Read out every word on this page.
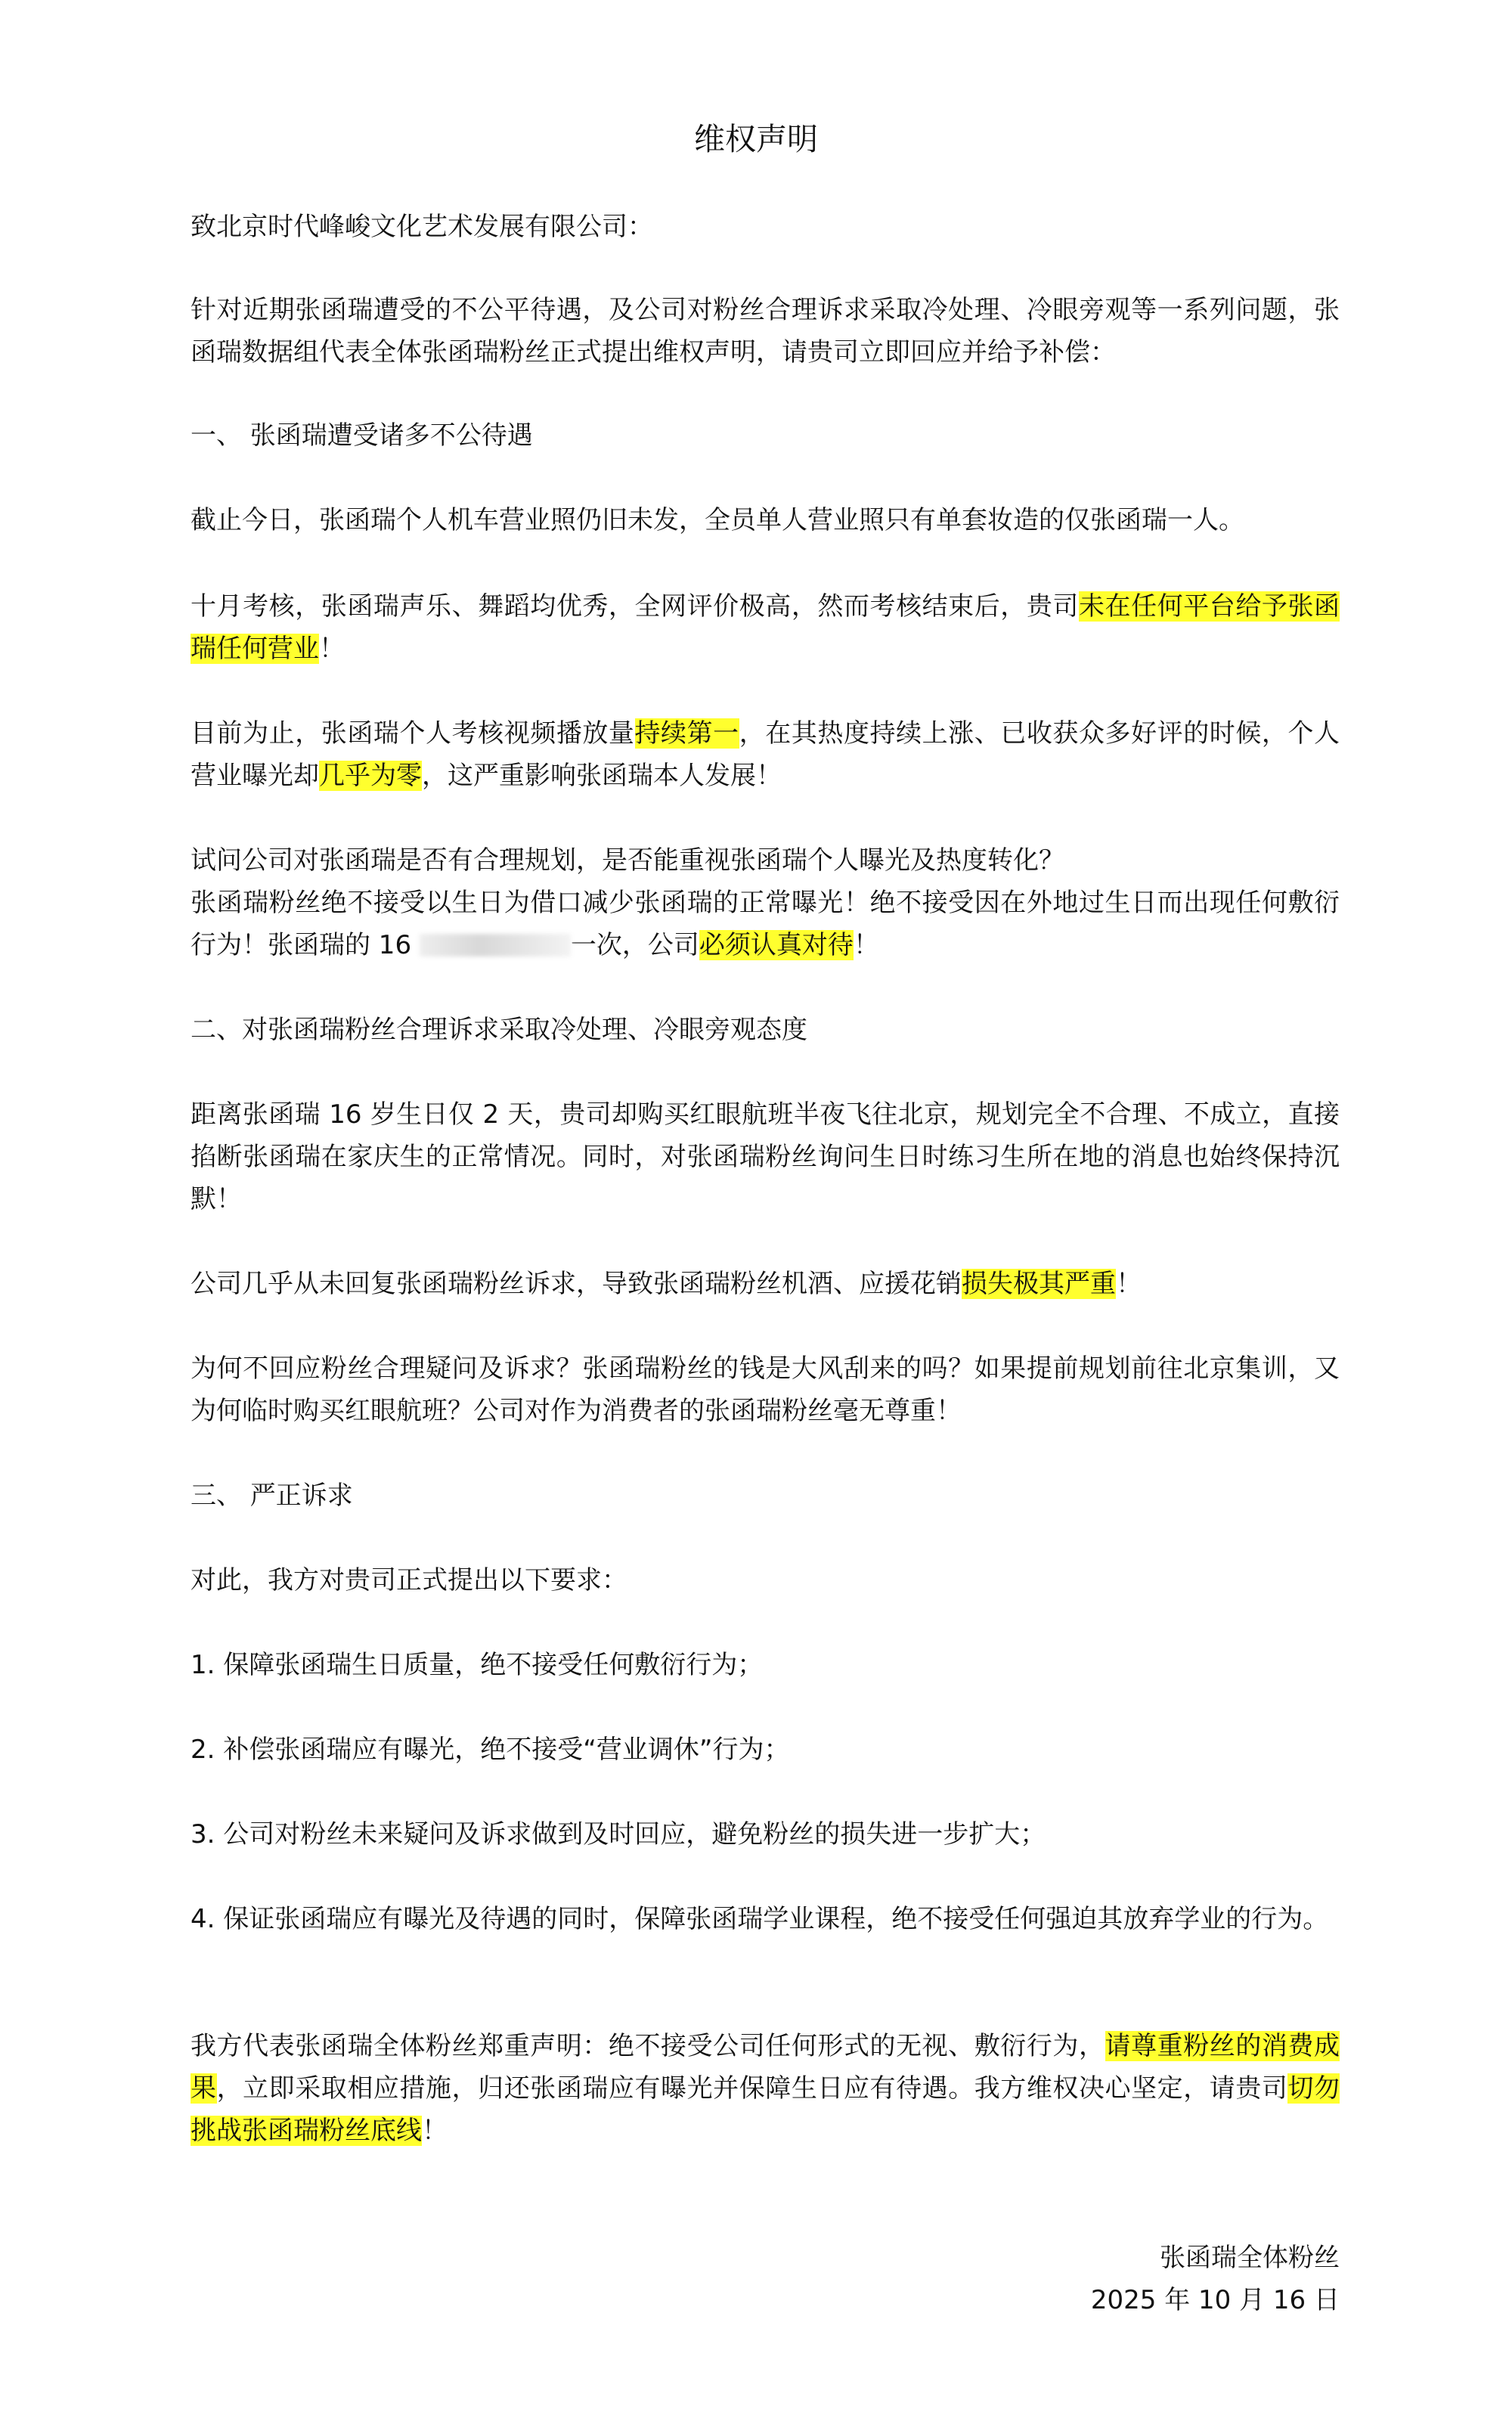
维权声明

致北京时代峰峻文化艺术发展有限公司：

针对近期张函瑞遭受的不公平待遇，及公司对粉丝合理诉求采取冷处理、冷眼旁观等一系列问题，张函瑞数据组代表全体张函瑞粉丝正式提出维权声明，请贵司立即回应并给予补偿：

一、 张函瑞遭受诸多不公待遇

截止今日，张函瑞个人机车营业照仍旧未发，全员单人营业照只有单套妆造的仅张函瑞一人。

十月考核，张函瑞声乐、舞蹈均优秀，全网评价极高，然而考核结束后，贵司未在任何平台给予张函瑞任何营业！

目前为止，张函瑞个人考核视频播放量持续第一，在其热度持续上涨、已收获众多好评的时候，个人营业曝光却几乎为零，这严重影响张函瑞本人发展！

试问公司对张函瑞是否有合理规划，是否能重视张函瑞个人曝光及热度转化？
张函瑞粉丝绝不接受以生日为借口减少张函瑞的正常曝光！绝不接受因在外地过生日而出现任何敷衍行为！张函瑞的 16	一次，公司必须认真对待！

二、对张函瑞粉丝合理诉求采取冷处理、冷眼旁观态度

距离张函瑞 16 岁生日仅 2 天，贵司却购买红眼航班半夜飞往北京，规划完全不合理、不成立，直接掐断张函瑞在家庆生的正常情况。同时，对张函瑞粉丝询问生日时练习生所在地的消息也始终保持沉默！

公司几乎从未回复张函瑞粉丝诉求，导致张函瑞粉丝机酒、应援花销损失极其严重！

为何不回应粉丝合理疑问及诉求？张函瑞粉丝的钱是大风刮来的吗？如果提前规划前往北京集训，又为何临时购买红眼航班？公司对作为消费者的张函瑞粉丝毫无尊重！

三、 严正诉求

对此，我方对贵司正式提出以下要求：

1. 保障张函瑞生日质量，绝不接受任何敷衍行为；

2. 补偿张函瑞应有曝光，绝不接受“营业调休”行为；

3. 公司对粉丝未来疑问及诉求做到及时回应，避免粉丝的损失进一步扩大；

4. 保证张函瑞应有曝光及待遇的同时，保障张函瑞学业课程，绝不接受任何强迫其放弃学业的行为。

我方代表张函瑞全体粉丝郑重声明：绝不接受公司任何形式的无视、敷衍行为，请尊重粉丝的消费成果，立即采取相应措施，归还张函瑞应有曝光并保障生日应有待遇。我方维权决心坚定，请贵司切勿挑战张函瑞粉丝底线！

张函瑞全体粉丝
2025 年 10 月 16 日
